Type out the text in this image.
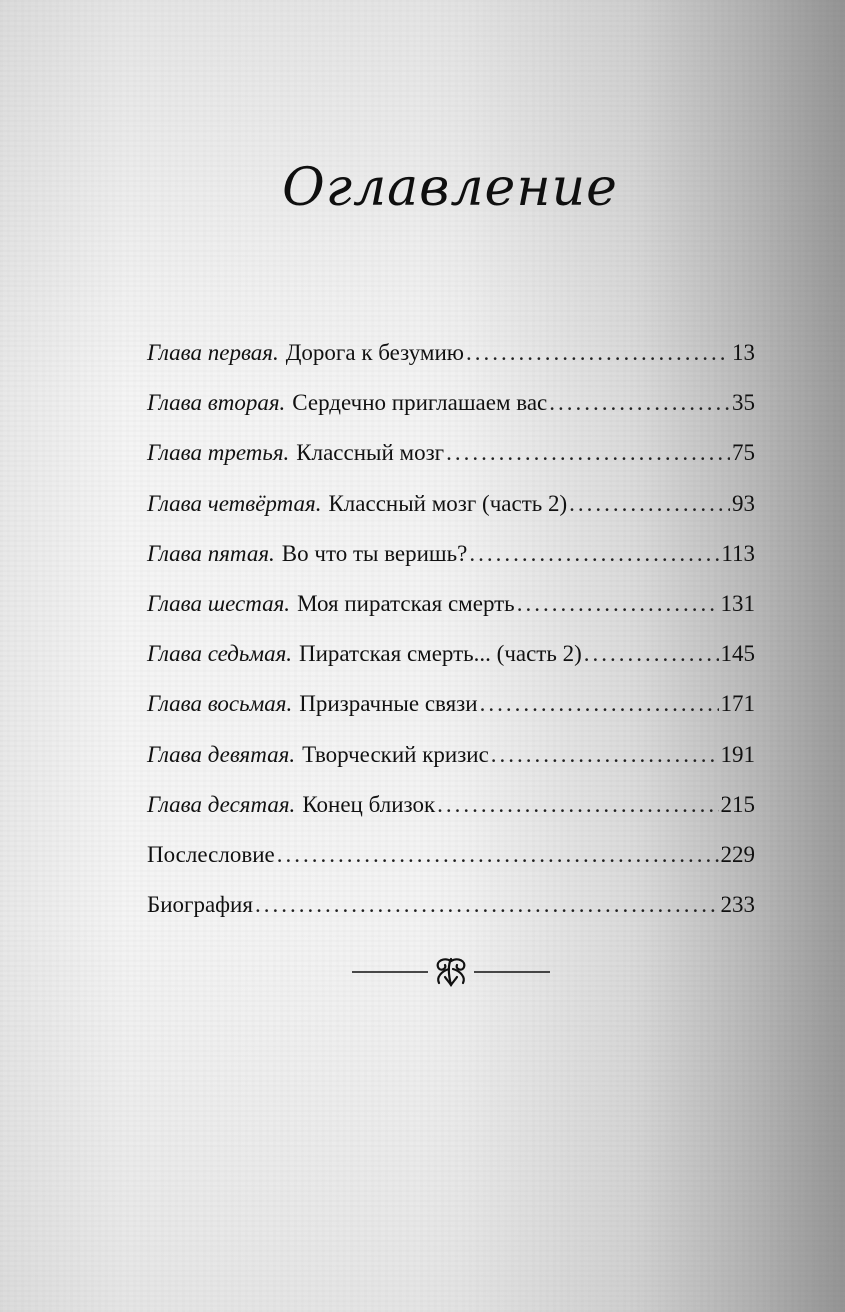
Оглавление
Глава первая. Дорога к безумию .....	13
Глава вторая. Сердечно приглашаем вас .....	35
Глава третья. Классный мозг .....	75
Глава четвёртая. Классный мозг (часть 2) .....	93
Глава пятая. Во что ты веришь? .....	113
Глава шестая. Моя пиратская смерть .....	131
Глава седьмая. Пиратская смерть... (часть 2) .....	145
Глава восьмая. Призрачные связи .....	171
Глава девятая. Творческий кризис .....	191
Глава десятая. Конец близок .....	215
Послесловие .....	229
Биография .....	233
